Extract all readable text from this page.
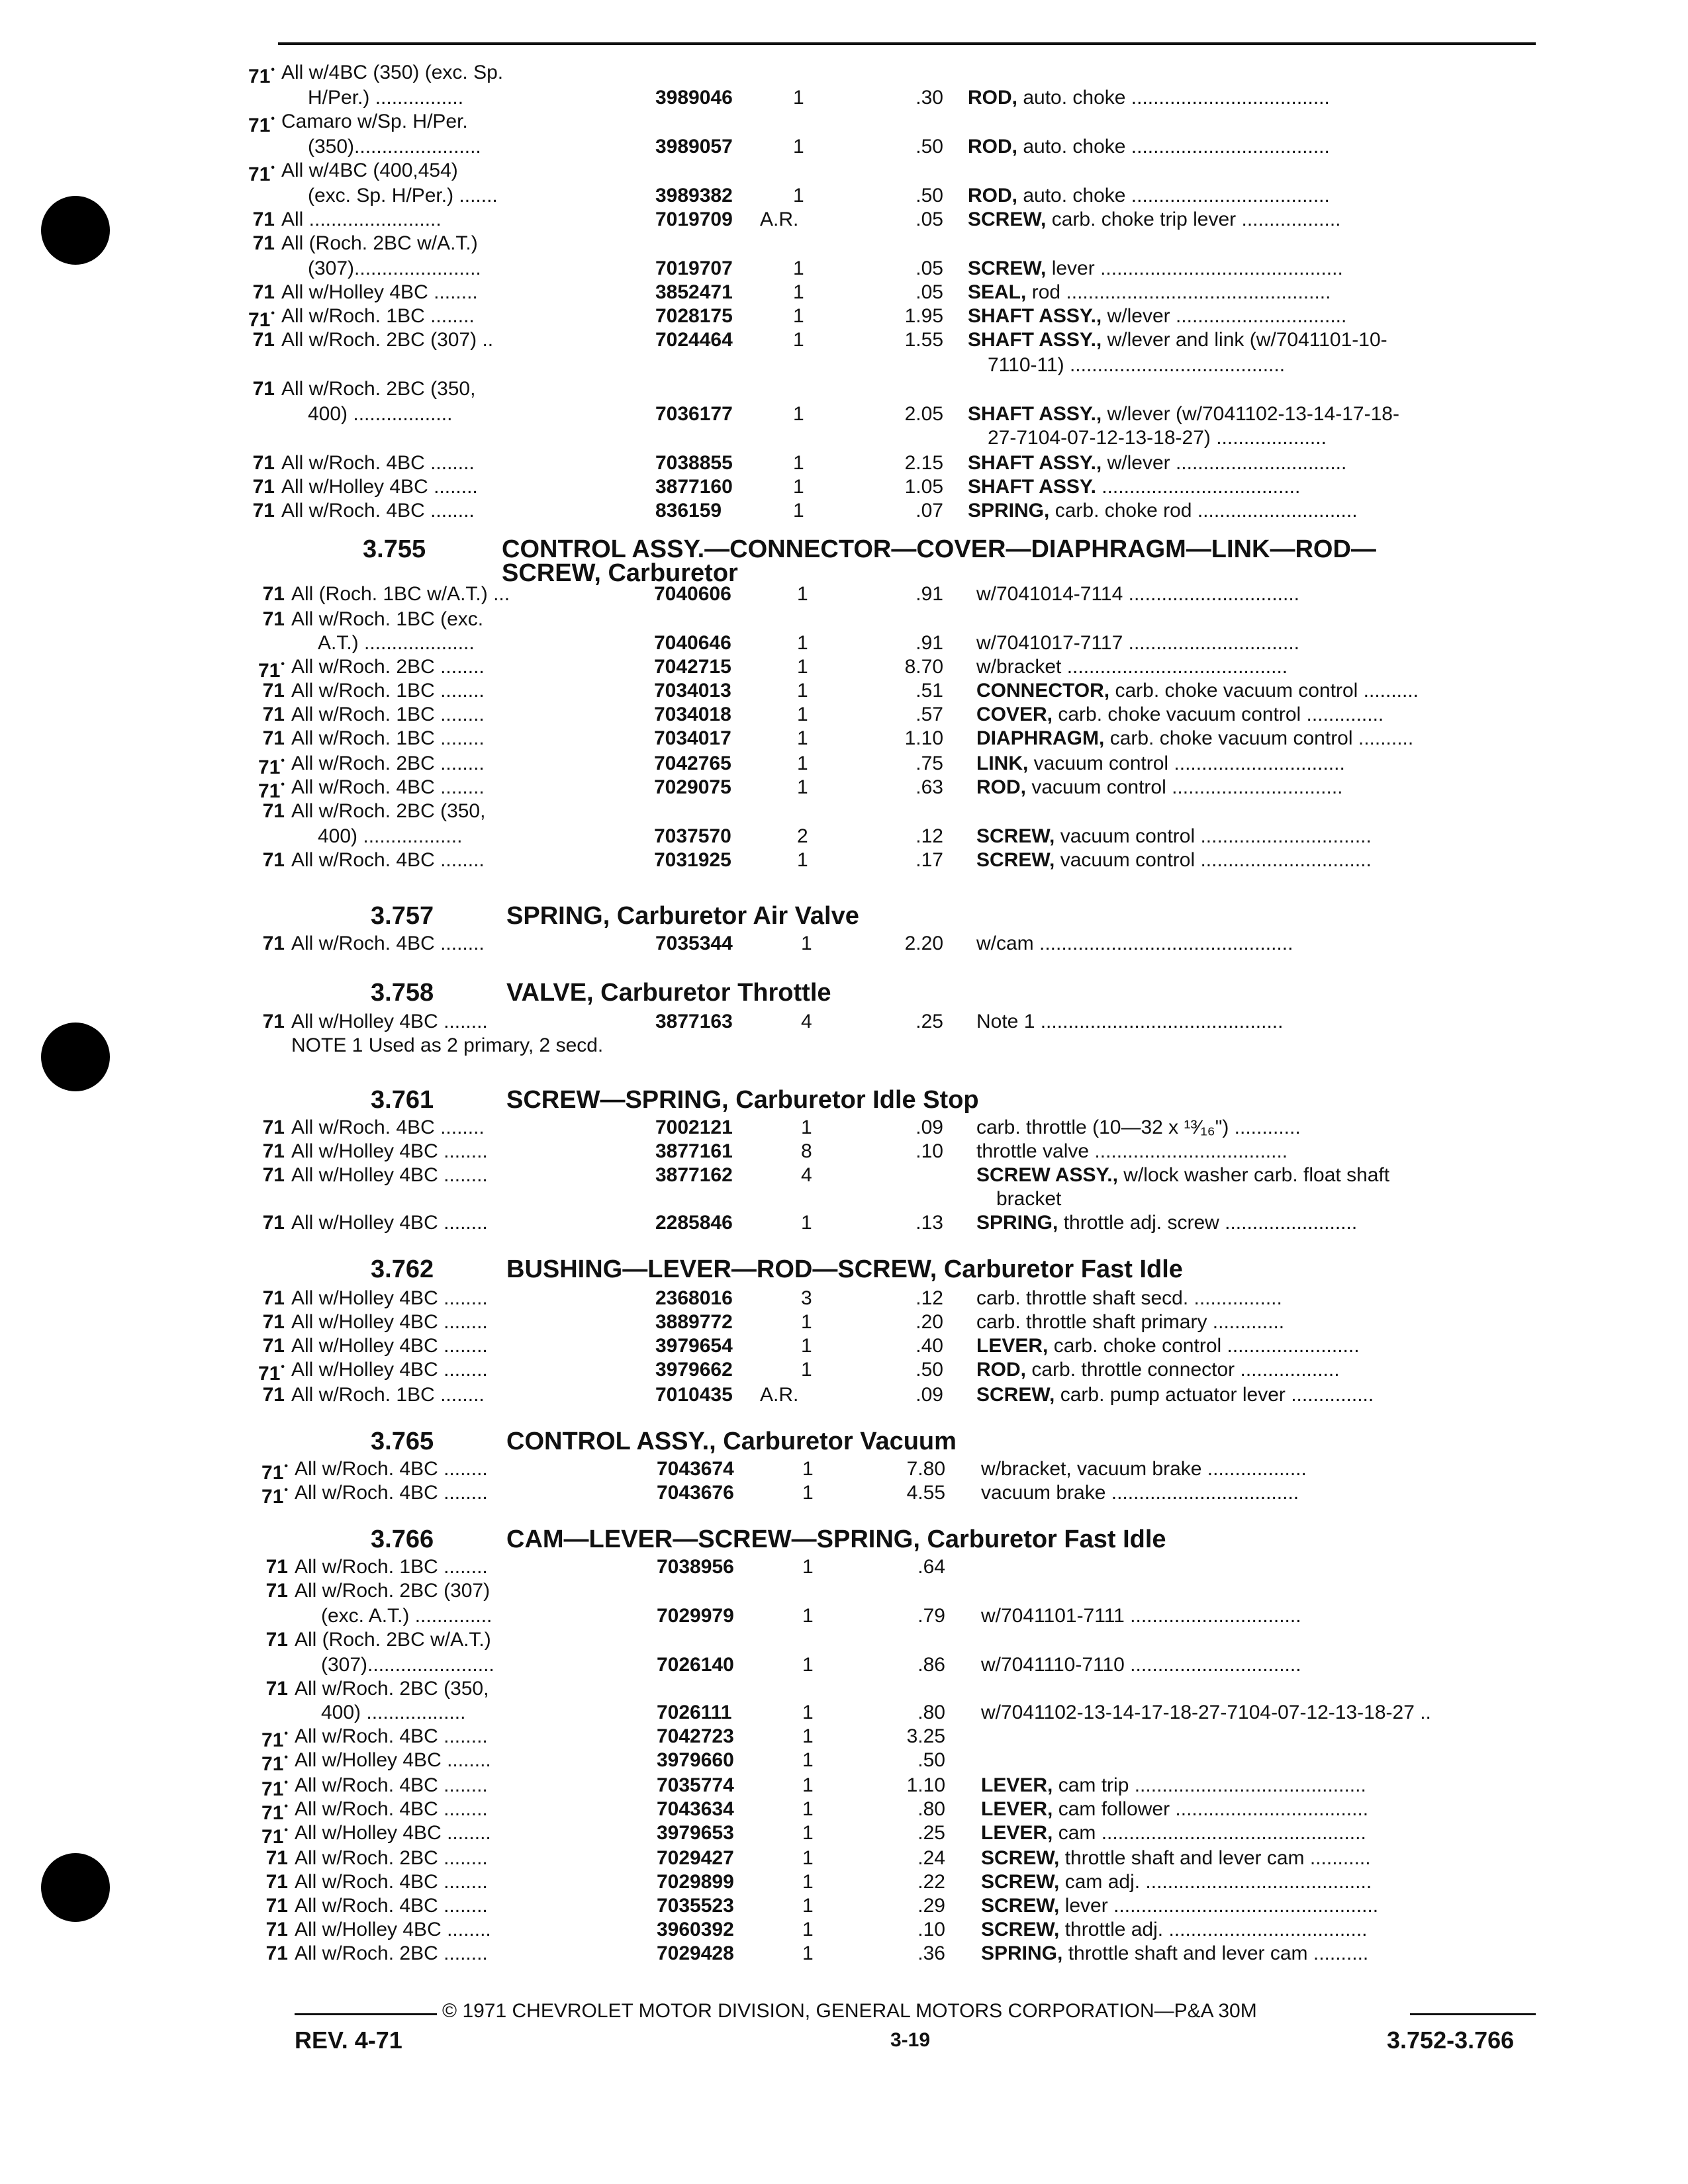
71• All w/4BC (350) (exc. Sp.
H/Per.) ................	3989046	1	.30 ROD, auto. choke ....................................
71• Camaro w/Sp. H/Per.
(350).......................	3989057	1	.50 ROD, auto. choke ....................................
71• All w/4BC (400,454)
(exc. Sp. H/Per.) .......	3989382	1	.50 ROD, auto. choke ....................................
71 All ........................	7019709 A.R.	.05 SCREW, carb. choke trip lever ..................
71 All (Roch. 2BC w/A.T.)
(307).......................	7019707	1	.05 SCREW, lever ............................................
71 All w/Holley 4BC ........	3852471	1	.05 SEAL, rod ................................................
71• All w/Roch. 1BC ........	7028175	1	1.95 SHAFT ASSY., w/lever ...............................
71 All w/Roch. 2BC (307) ..	7024464	1	1.55 SHAFT ASSY., w/lever and link (w/7041101-10-
7110-11) .......................................
71 All w/Roch. 2BC (350,
400) ..................	7036177	1	2.05 SHAFT ASSY., w/lever (w/7041102-13-14-17-18-
27-7104-07-12-13-18-27) ....................
71 All w/Roch. 4BC ........	7038855	1	2.15 SHAFT ASSY., w/lever ...............................
71 All w/Holley 4BC ........	3877160	1	1.05 SHAFT ASSY. ....................................
71 All w/Roch. 4BC ........	836159	1	.07 SPRING, carb. choke rod .............................
71 All (Roch. 1BC w/A.T.) ...	7040606	1	.91 w/7041014-7114 ...............................
71 All w/Roch. 1BC (exc.
A.T.) ....................	7040646	1	.91 w/7041017-7117 ...............................
71• All w/Roch. 2BC ........	7042715	1	8.70 w/bracket ........................................
71 All w/Roch. 1BC ........	7034013	1	.51 CONNECTOR, carb. choke vacuum control ..........
71 All w/Roch. 1BC ........	7034018	1	.57 COVER, carb. choke vacuum control ..............
71 All w/Roch. 1BC ........	7034017	1	1.10 DIAPHRAGM, carb. choke vacuum control ..........
71• All w/Roch. 2BC ........	7042765	1	.75 LINK, vacuum control ...............................
71• All w/Roch. 4BC ........	7029075	1	.63 ROD, vacuum control ...............................
71 All w/Roch. 2BC (350,
400) ..................	7037570	2	.12 SCREW, vacuum control ...............................
71 All w/Roch. 4BC ........	7031925	1	.17 SCREW, vacuum control ...............................
71 All w/Roch. 4BC ........	7035344	1	2.20 w/cam ..............................................
71 All w/Holley 4BC ........	3877163	4	.25 Note 1 ............................................
NOTE 1 Used as 2 primary, 2 secd.
71 All w/Roch. 4BC ........	7002121	1	.09 carb. throttle (10—32 x ¹³⁄₁₆") ............
71 All w/Holley 4BC ........	3877161	8	.10 throttle valve ...................................
71 All w/Holley 4BC ........	3877162	4	SCREW ASSY., w/lock washer carb. float shaft
bracket
71 All w/Holley 4BC ........	2285846	1	.13 SPRING, throttle adj. screw ........................
71 All w/Holley 4BC ........	2368016	3	.12 carb. throttle shaft secd. ................
71 All w/Holley 4BC ........	3889772	1	.20 carb. throttle shaft primary .............
71 All w/Holley 4BC ........	3979654	1	.40 LEVER, carb. choke control ........................
71• All w/Holley 4BC ........	3979662	1	.50 ROD, carb. throttle connector ..................
71 All w/Roch. 1BC ........	7010435 A.R.	.09 SCREW, carb. pump actuator lever ...............
71• All w/Roch. 4BC ........	7043674	1	7.80 w/bracket, vacuum brake ..................
71• All w/Roch. 4BC ........	7043676	1	4.55 vacuum brake ..................................
71 All w/Roch. 1BC ........	7038956	1	.64
71 All w/Roch. 2BC (307)
(exc. A.T.) ..............	7029979	1	.79 w/7041101-7111 ...............................
71 All (Roch. 2BC w/A.T.)
(307).......................	7026140	1	.86 w/7041110-7110 ...............................
71 All w/Roch. 2BC (350,
400) ..................	7026111	1	.80 w/7041102-13-14-17-18-27-7104-07-12-13-18-27 ..
71• All w/Roch. 4BC ........	7042723	1	3.25
71• All w/Holley 4BC ........	3979660	1	.50
71• All w/Roch. 4BC ........	7035774	1	1.10 LEVER, cam trip ..........................................
71• All w/Roch. 4BC ........	7043634	1	.80 LEVER, cam follower ...................................
71• All w/Holley 4BC ........	3979653	1	.25 LEVER, cam ................................................
71 All w/Roch. 2BC ........	7029427	1	.24 SCREW, throttle shaft and lever cam ...........
71 All w/Roch. 4BC ........	7029899	1	.22 SCREW, cam adj. .........................................
71 All w/Roch. 4BC ........	7035523	1	.29 SCREW, lever ................................................
71 All w/Holley 4BC ........	3960392	1	.10 SCREW, throttle adj. ....................................
71 All w/Roch. 2BC ........	7029428	1	.36 SPRING, throttle shaft and lever cam ..........
3.755	CONTROL ASSY.—CONNECTOR—COVER—DIAPHRAGM—LINK—ROD—
SCREW, Carburetor
3.757	SPRING, Carburetor Air Valve
3.758	VALVE, Carburetor Throttle
3.761	SCREW—SPRING, Carburetor Idle Stop
3.762	BUSHING—LEVER—ROD—SCREW, Carburetor Fast Idle
3.765	CONTROL ASSY., Carburetor Vacuum
3.766	CAM—LEVER—SCREW—SPRING, Carburetor Fast Idle
© 1971 CHEVROLET MOTOR DIVISION, GENERAL MOTORS CORPORATION—P&A 30M
REV. 4-71	3-19	3.752-3.766
